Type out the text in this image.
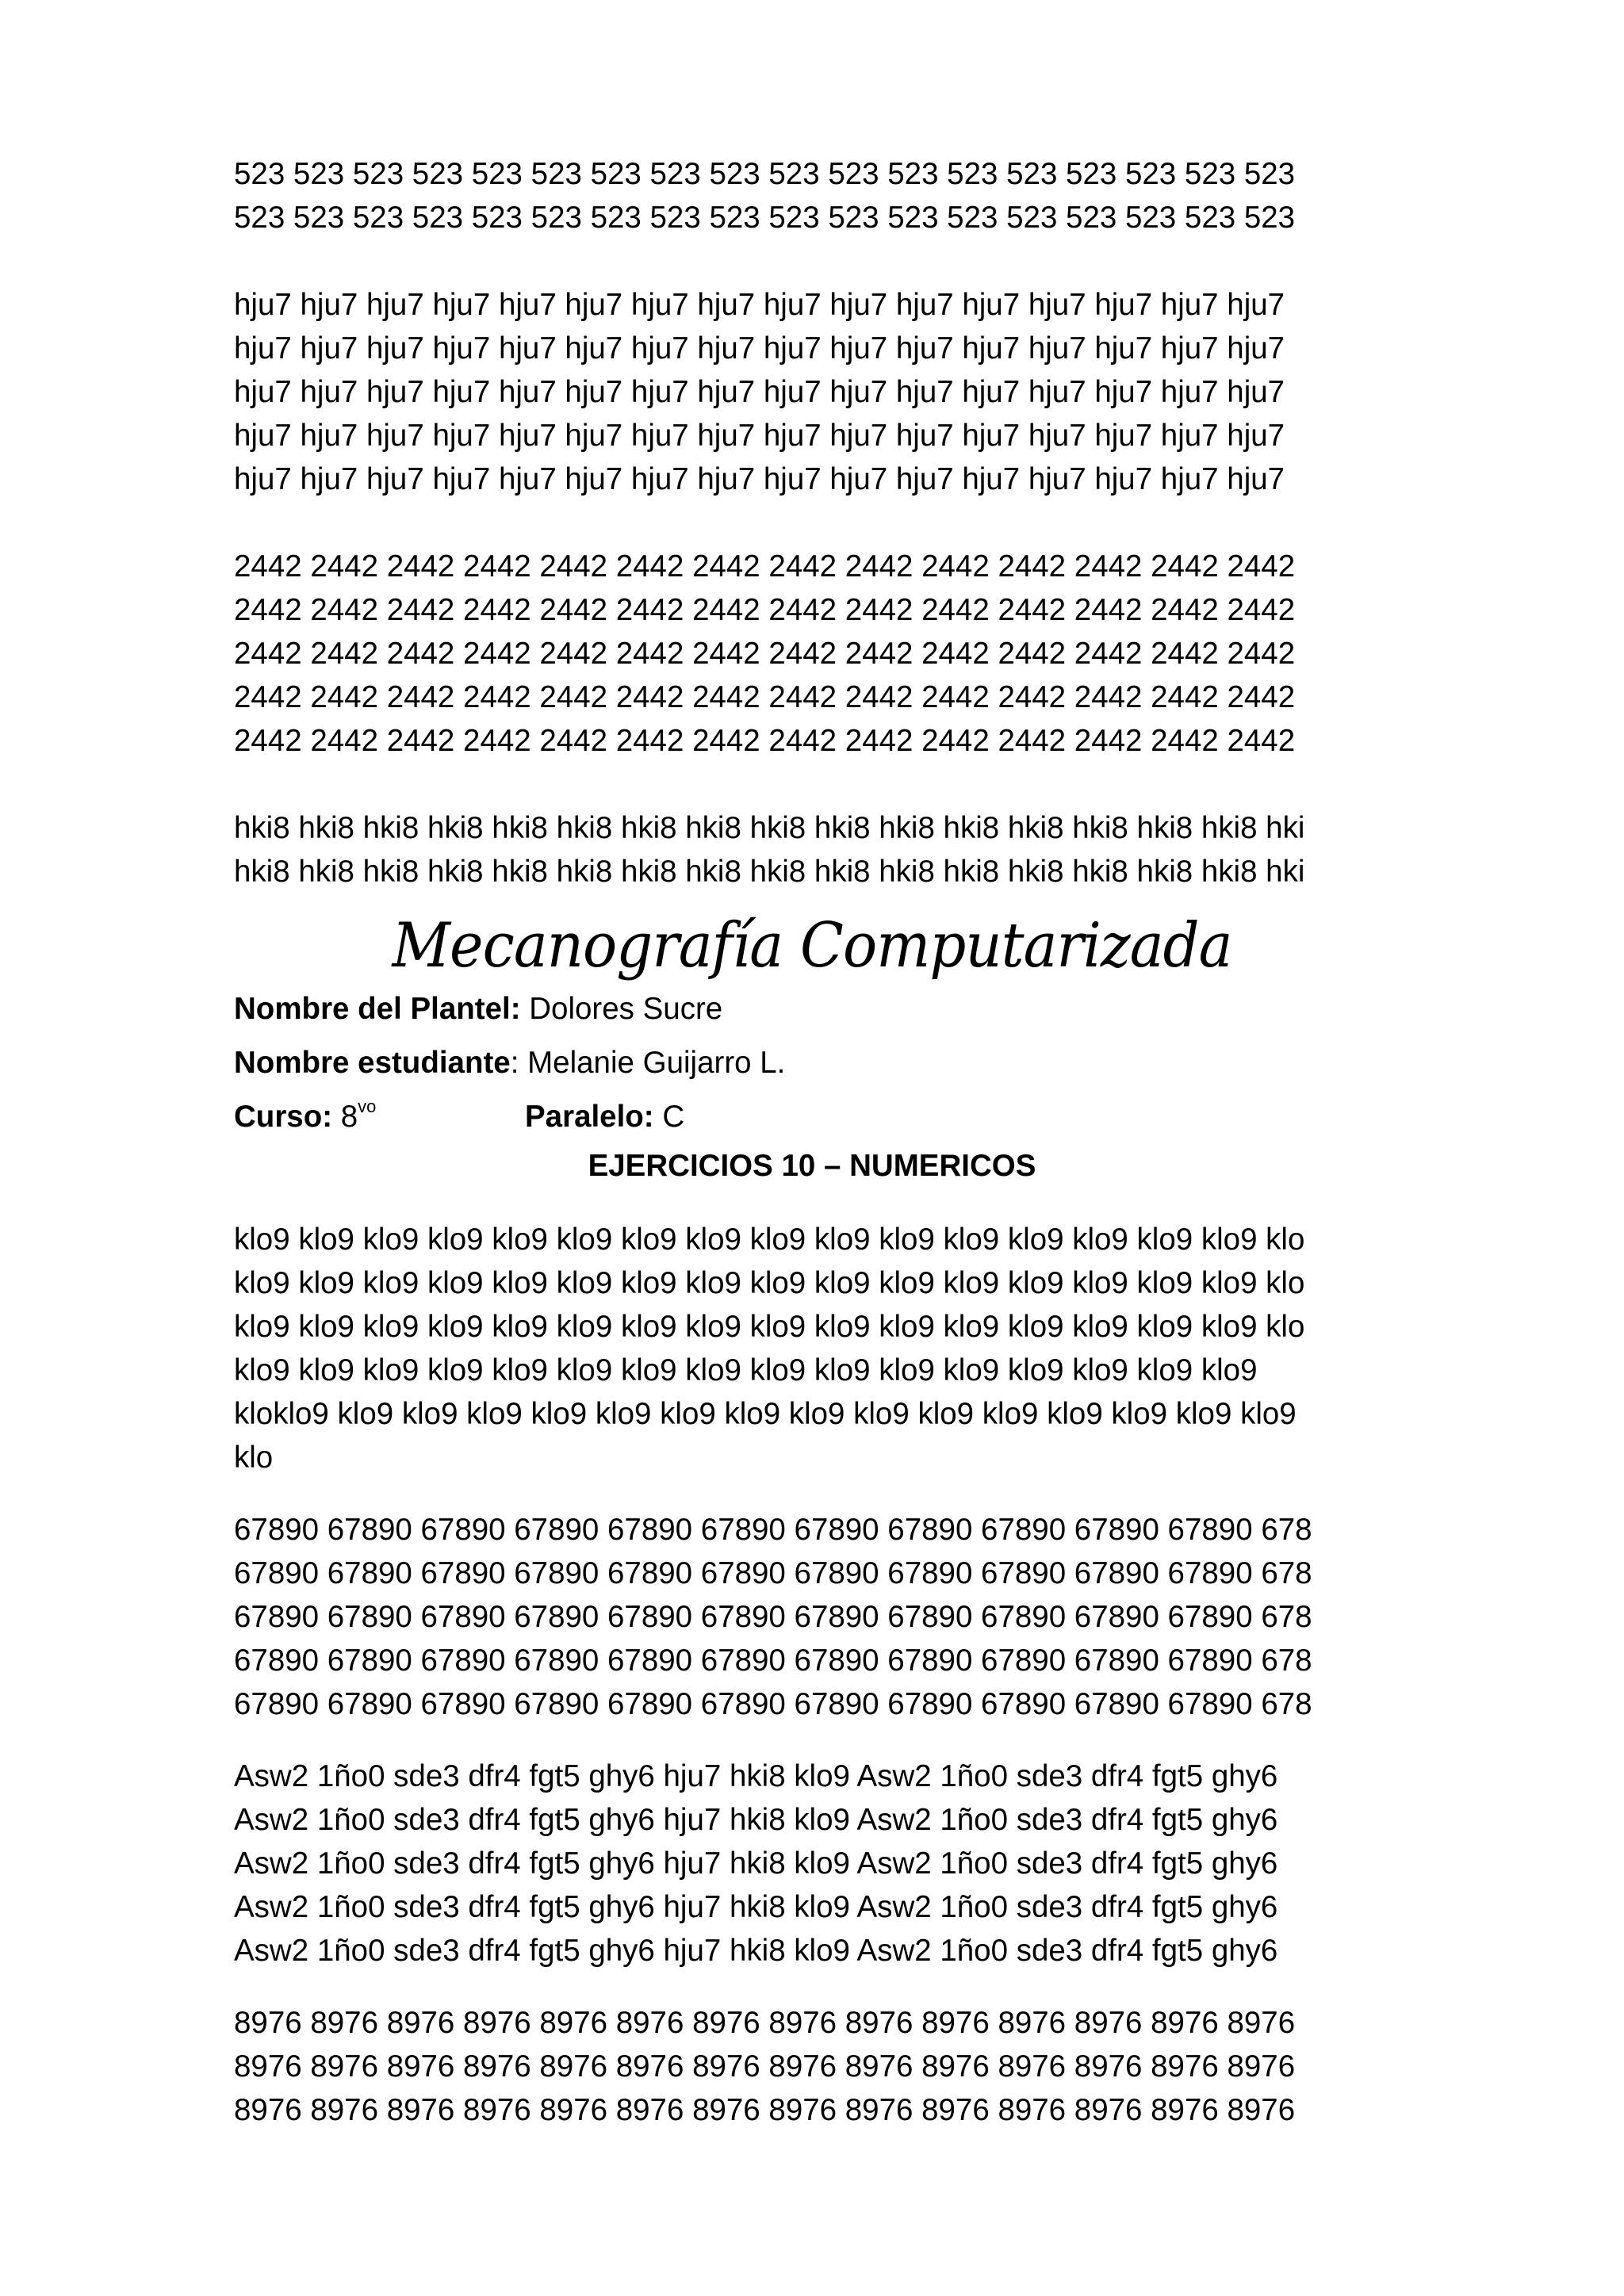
523 523 523 523 523 523 523 523 523 523 523 523 523 523 523 523 523 523
523 523 523 523 523 523 523 523 523 523 523 523 523 523 523 523 523 523
hju7 hju7 hju7 hju7 hju7 hju7 hju7 hju7 hju7 hju7 hju7 hju7 hju7 hju7 hju7 hju7
hju7 hju7 hju7 hju7 hju7 hju7 hju7 hju7 hju7 hju7 hju7 hju7 hju7 hju7 hju7 hju7
hju7 hju7 hju7 hju7 hju7 hju7 hju7 hju7 hju7 hju7 hju7 hju7 hju7 hju7 hju7 hju7
hju7 hju7 hju7 hju7 hju7 hju7 hju7 hju7 hju7 hju7 hju7 hju7 hju7 hju7 hju7 hju7
hju7 hju7 hju7 hju7 hju7 hju7 hju7 hju7 hju7 hju7 hju7 hju7 hju7 hju7 hju7 hju7
2442 2442 2442 2442 2442 2442 2442 2442 2442 2442 2442 2442 2442 2442
2442 2442 2442 2442 2442 2442 2442 2442 2442 2442 2442 2442 2442 2442
2442 2442 2442 2442 2442 2442 2442 2442 2442 2442 2442 2442 2442 2442
2442 2442 2442 2442 2442 2442 2442 2442 2442 2442 2442 2442 2442 2442
2442 2442 2442 2442 2442 2442 2442 2442 2442 2442 2442 2442 2442 2442
hki8 hki8 hki8 hki8 hki8 hki8 hki8 hki8 hki8 hki8 hki8 hki8 hki8 hki8 hki8 hki8 hki
hki8 hki8 hki8 hki8 hki8 hki8 hki8 hki8 hki8 hki8 hki8 hki8 hki8 hki8 hki8 hki8 hki
Mecanografía Computarizada
Nombre del Plantel: Dolores Sucre
Nombre estudiante: Melanie Guijarro L.
Curso: $8^{vo}$	Paralelo: C
EJERCICIOS 10 – NUMERICOS
klo9 klo9 klo9 klo9 klo9 klo9 klo9 klo9 klo9 klo9 klo9 klo9 klo9 klo9 klo9 klo9 klo
klo9 klo9 klo9 klo9 klo9 klo9 klo9 klo9 klo9 klo9 klo9 klo9 klo9 klo9 klo9 klo9 klo
klo9 klo9 klo9 klo9 klo9 klo9 klo9 klo9 klo9 klo9 klo9 klo9 klo9 klo9 klo9 klo9 klo
klo9 klo9 klo9 klo9 klo9 klo9 klo9 klo9 klo9 klo9 klo9 klo9 klo9 klo9 klo9 klo9
kloklo9 klo9 klo9 klo9 klo9 klo9 klo9 klo9 klo9 klo9 klo9 klo9 klo9 klo9 klo9 klo9
klo
67890 67890 67890 67890 67890 67890 67890 67890 67890 67890 67890 678
67890 67890 67890 67890 67890 67890 67890 67890 67890 67890 67890 678
67890 67890 67890 67890 67890 67890 67890 67890 67890 67890 67890 678
67890 67890 67890 67890 67890 67890 67890 67890 67890 67890 67890 678
67890 67890 67890 67890 67890 67890 67890 67890 67890 67890 67890 678
Asw2 1ño0 sde3 dfr4 fgt5 ghy6 hju7 hki8 klo9 Asw2 1ño0 sde3 dfr4 fgt5 ghy6
Asw2 1ño0 sde3 dfr4 fgt5 ghy6 hju7 hki8 klo9 Asw2 1ño0 sde3 dfr4 fgt5 ghy6
Asw2 1ño0 sde3 dfr4 fgt5 ghy6 hju7 hki8 klo9 Asw2 1ño0 sde3 dfr4 fgt5 ghy6
Asw2 1ño0 sde3 dfr4 fgt5 ghy6 hju7 hki8 klo9 Asw2 1ño0 sde3 dfr4 fgt5 ghy6
Asw2 1ño0 sde3 dfr4 fgt5 ghy6 hju7 hki8 klo9 Asw2 1ño0 sde3 dfr4 fgt5 ghy6
8976 8976 8976 8976 8976 8976 8976 8976 8976 8976 8976 8976 8976 8976
8976 8976 8976 8976 8976 8976 8976 8976 8976 8976 8976 8976 8976 8976
8976 8976 8976 8976 8976 8976 8976 8976 8976 8976 8976 8976 8976 8976
